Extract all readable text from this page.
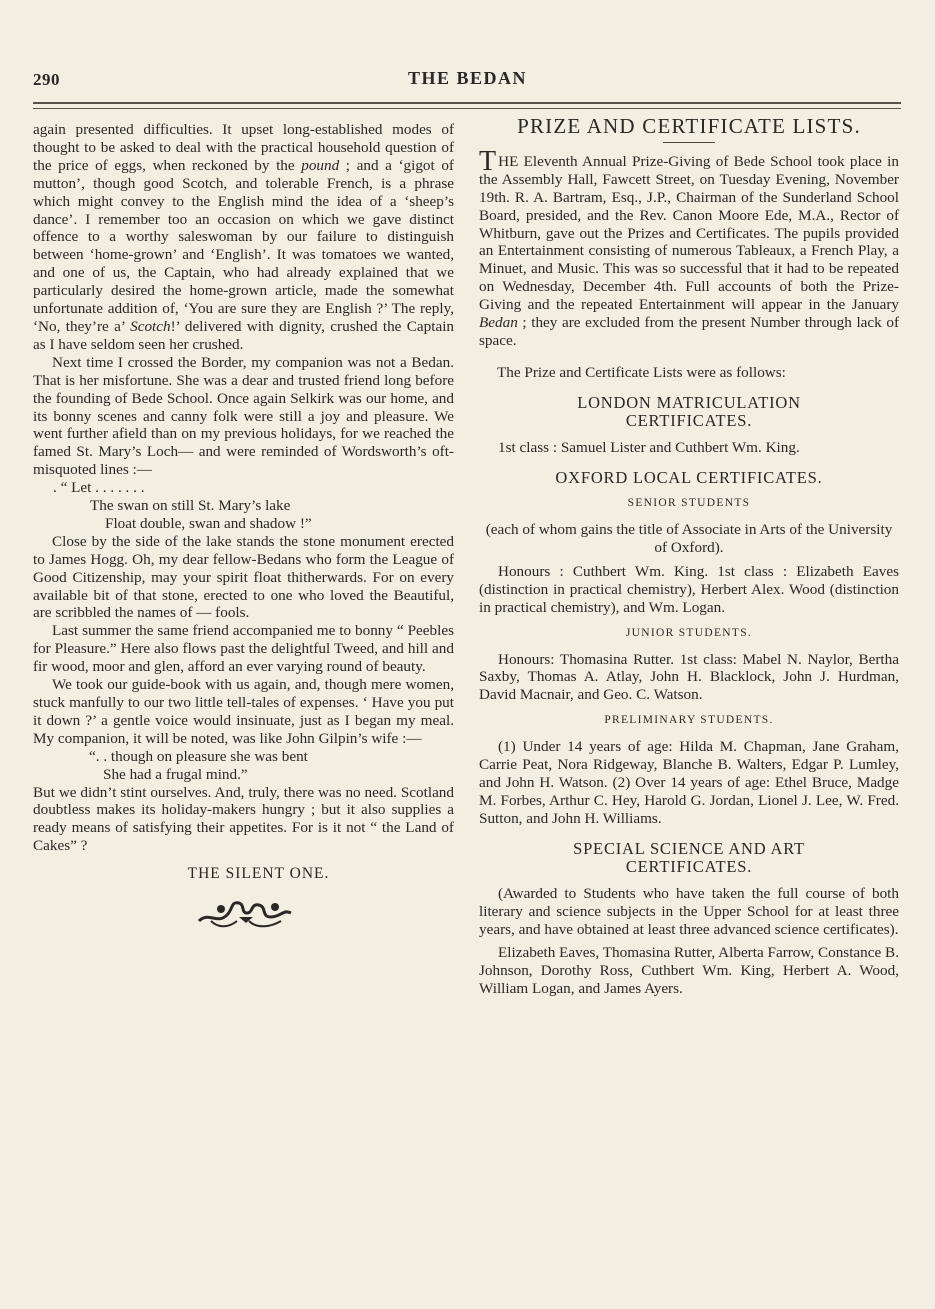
290	THE BEDAN

again presented difficulties. It upset long-established modes of thought to be asked to deal with the practical household question of the price of eggs, when reckoned by the pound ; and a ‘gigot of mutton’, though good Scotch, and tolerable French, is a phrase which might convey to the English mind the idea of a ‘sheep’s dance’. I remember too an occasion on which we gave distinct offence to a worthy saleswoman by our failure to distinguish between ‘home-grown’ and ‘English’. It was tomatoes we wanted, and one of us, the Captain, who had already explained that we particularly desired the home-grown article, made the somewhat unfortunate addition of, ‘You are sure they are English ?’ The reply, ‘No, they’re a’ Scotch!’ delivered with dignity, crushed the Captain as I have seldom seen her crushed.

Next time I crossed the Border, my companion was not a Bedan. That is her misfortune. She was a dear and trusted friend long before the founding of Bede School. Once again Selkirk was our home, and its bonny scenes and canny folk were still a joy and pleasure. We went further afield than on my previous holidays, for we reached the famed St. Mary’s Loch— and were reminded of Wordsworth’s oft-misquoted lines :—

. “ Let . . . . . . .
The swan on still St. Mary’s lake
Float double, swan and shadow !”

Close by the side of the lake stands the stone monument erected to James Hogg. Oh, my dear fellow-Bedans who form the League of Good Citizenship, may your spirit float thitherwards. For on every available bit of that stone, erected to one who loved the Beautiful, are scribbled the names of — fools.

Last summer the same friend accompanied me to bonny “ Peebles for Pleasure.” Here also flows past the delightful Tweed, and hill and fir wood, moor and glen, afford an ever varying round of beauty.

We took our guide-book with us again, and, though mere women, stuck manfully to our two little tell-tales of expenses. ‘ Have you put it down ?’ a gentle voice would insinuate, just as I began my meal. My companion, it will be noted, was like John Gilpin’s wife :—

“. . though on pleasure she was bent
She had a frugal mind.”

But we didn’t stint ourselves. And, truly, there was no need. Scotland doubtless makes its holiday-makers hungry ; but it also supplies a ready means of satisfying their appetites. For is it not “ the Land of Cakes” ?

THE SILENT ONE.
PRIZE AND CERTIFICATE LISTS.

THE Eleventh Annual Prize-Giving of Bede School took place in the Assembly Hall, Fawcett Street, on Tuesday Evening, November 19th. R. A. Bartram, Esq., J.P., Chairman of the Sunderland School Board, presided, and the Rev. Canon Moore Ede, M.A., Rector of Whitburn, gave out the Prizes and Certificates. The pupils provided an Entertainment consisting of numerous Tableaux, a French Play, a Minuet, and Music. This was so successful that it had to be repeated on Wednesday, December 4th. Full accounts of both the Prize-Giving and the repeated Entertainment will appear in the January Bedan ; they are excluded from the present Number through lack of space.

The Prize and Certificate Lists were as follows:

LONDON MATRICULATION CERTIFICATES.

1st class : Samuel Lister and Cuthbert Wm. King.

OXFORD LOCAL CERTIFICATES.
SENIOR STUDENTS

(each of whom gains the title of Associate in Arts of the University of Oxford).

Honours : Cuthbert Wm. King. 1st class : Elizabeth Eaves (distinction in practical chemistry), Herbert Alex. Wood (distinction in practical chemistry), and Wm. Logan.

JUNIOR STUDENTS.

Honours: Thomasina Rutter. 1st class: Mabel N. Naylor, Bertha Saxby, Thomas A. Atlay, John H. Blacklock, John J. Hurdman, David Macnair, and Geo. C. Watson.

PRELIMINARY STUDENTS.

(1) Under 14 years of age: Hilda M. Chapman, Jane Graham, Carrie Peat, Nora Ridgeway, Blanche B. Walters, Edgar P. Lumley, and John H. Watson. (2) Over 14 years of age: Ethel Bruce, Madge M. Forbes, Arthur C. Hey, Harold G. Jordan, Lionel J. Lee, W. Fred. Sutton, and John H. Williams.

SPECIAL SCIENCE AND ART CERTIFICATES.

(Awarded to Students who have taken the full course of both literary and science subjects in the Upper School for at least three years, and have obtained at least three advanced science certificates).

Elizabeth Eaves, Thomasina Rutter, Alberta Farrow, Constance B. Johnson, Dorothy Ross, Cuthbert Wm. King, Herbert A. Wood, William Logan, and James Ayers.
